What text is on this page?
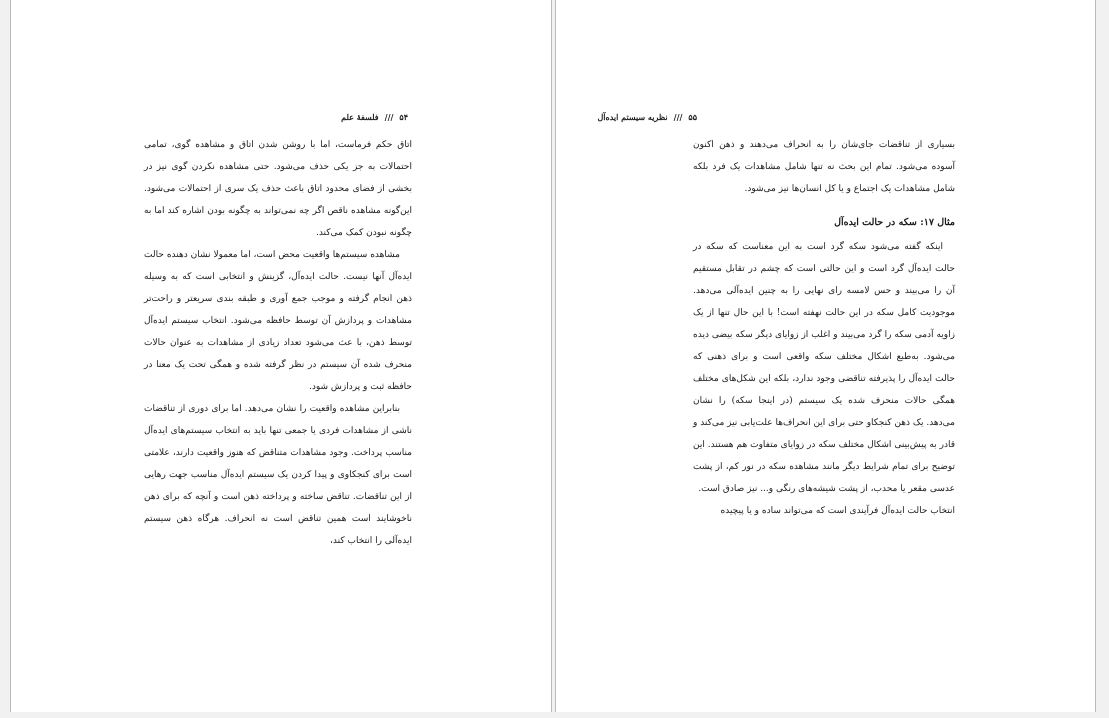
۵۴///فلسفهٔ علم

اتاق حکم فرماست، اما با روشن شدن اتاق و مشاهده گوی، تمامی احتمالات به جز یکی حذف می‌شود. حتی مشاهده نکردن گوی نیز در بخشی از فضای محدود اتاق باعث حذف یک سری از احتمالات می‌شود. این‌گونه مشاهده ناقص اگر چه نمی‌تواند به چگونه بودن اشاره کند اما به چگونه نبودن کمک می‌کند.

مشاهده سیستم‌ها واقعیت محض است، اما معمولا نشان دهنده حالت ایده‌آل آنها نیست. حالت ایده‌آل، گزینش و انتخابی است که به وسیله ذهن انجام گرفته و موجب جمع آوری و طبقه بندی سریعتر و راحت‌تر مشاهدات و پردازش آن توسط حافظه می‌شود. انتخاب سیستم ایده‌آل توسط ذهن، با عث می‌شود تعداد زیادی از مشاهدات به عنوان حالات منحرف شده آن سیستم در نظر گرفته شده و همگی تحت یک معنا در حافظه ثبت و پردازش شود.

بنابراین مشاهده واقعیت را نشان می‌دهد. اما برای دوری از تناقضات ناشی از مشاهدات فردی یا جمعی تنها باید به انتخاب سیستم‌های ایده‌آل مناسب پرداخت. وجود مشاهدات متناقض که هنوز واقعیت دارند، علامتی است برای کنجکاوی و پیدا کردن یک سیستم ایده‌آل مناسب جهت رهایی از این تناقضات. تناقض ساخته و پرداخته ذهن است و آنچه که برای ذهن ناخوشایند است همین تناقض است نه انحراف. هرگاه ذهن سیستم ایده‌آلی را انتخاب کند،

۵۵///نظریه سیستم ایده‌آل

بسیاری از تناقضات جای‌شان را به انحراف می‌دهند و ذهن اکنون آسوده می‌شود. تمام این بحث نه تنها شامل مشاهدات یک فرد بلکه شامل مشاهدات یک اجتماع و یا کل انسان‌ها نیز می‌شود.

مثال ۱۷: سکه در حالت ایده‌آل

اینکه گفته می‌شود سکه گرد است به این معناست که سکه در حالت ایده‌آل گرد است و این حالتی است که چشم در تقابل مستقیم آن را می‌بیند و حس لامسه رای نهایی را به چنین ایده‌آلی می‌دهد. موجودیت کامل سکه در این حالت نهفته است! با این حال تنها از یک زاویه آدمی سکه را گرد می‌بیند و اغلب از زوایای دیگر سکه بیضی دیده می‌شود. بەطبع اشکال مختلف سکه واقعی است و برای ذهنی که حالت ایده‌آل را پذیرفته تناقضی وجود ندارد، بلکه این شکل‌های مختلف همگی حالات منحرف شده یک سیستم (در اینجا سکه) را نشان می‌دهد. یک ذهن کنجکاو حتی برای این انحراف‌ها علت‌یابی نیز می‌کند و قادر به پیش‌بینی اشکال مختلف سکه در زوایای متفاوت هم هستند. این توضیح برای تمام شرایط دیگر مانند مشاهده سکه در نور کم، از پشت عدسی مقعر یا محدب، از پشت شیشه‌های رنگی و... نیز صادق است.

انتخاب حالت ایده‌آل فرآیندی است که می‌تواند ساده و یا پیچیده
